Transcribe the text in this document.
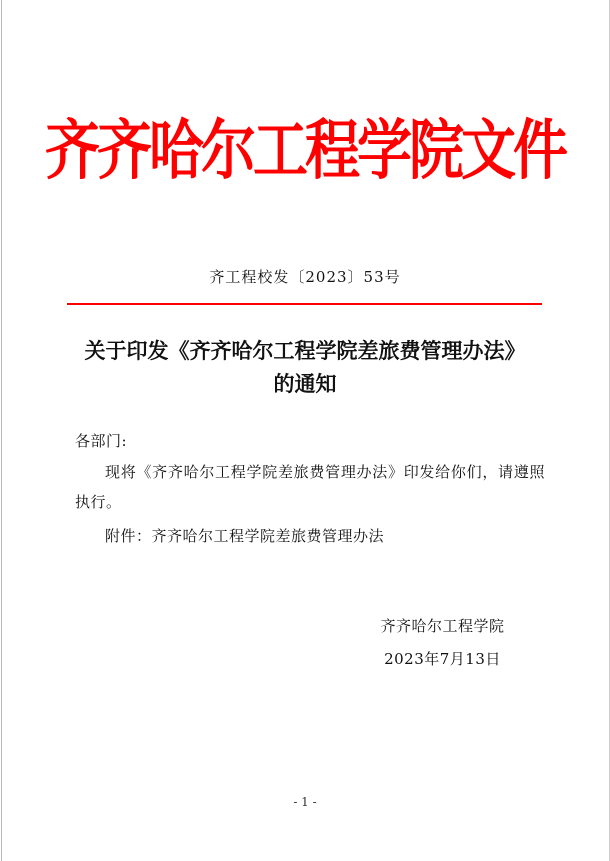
齐齐哈尔工程学院文件
齐工程校发〔2023〕53号
关于印发《齐齐哈尔工程学院差旅费管理办法》
的通知
各部门:
现将《齐齐哈尔工程学院差旅费管理办法》印发给你们，请遵照执行。
附件：齐齐哈尔工程学院差旅费管理办法
齐齐哈尔工程学院
2023年7月13日
- 1 -
